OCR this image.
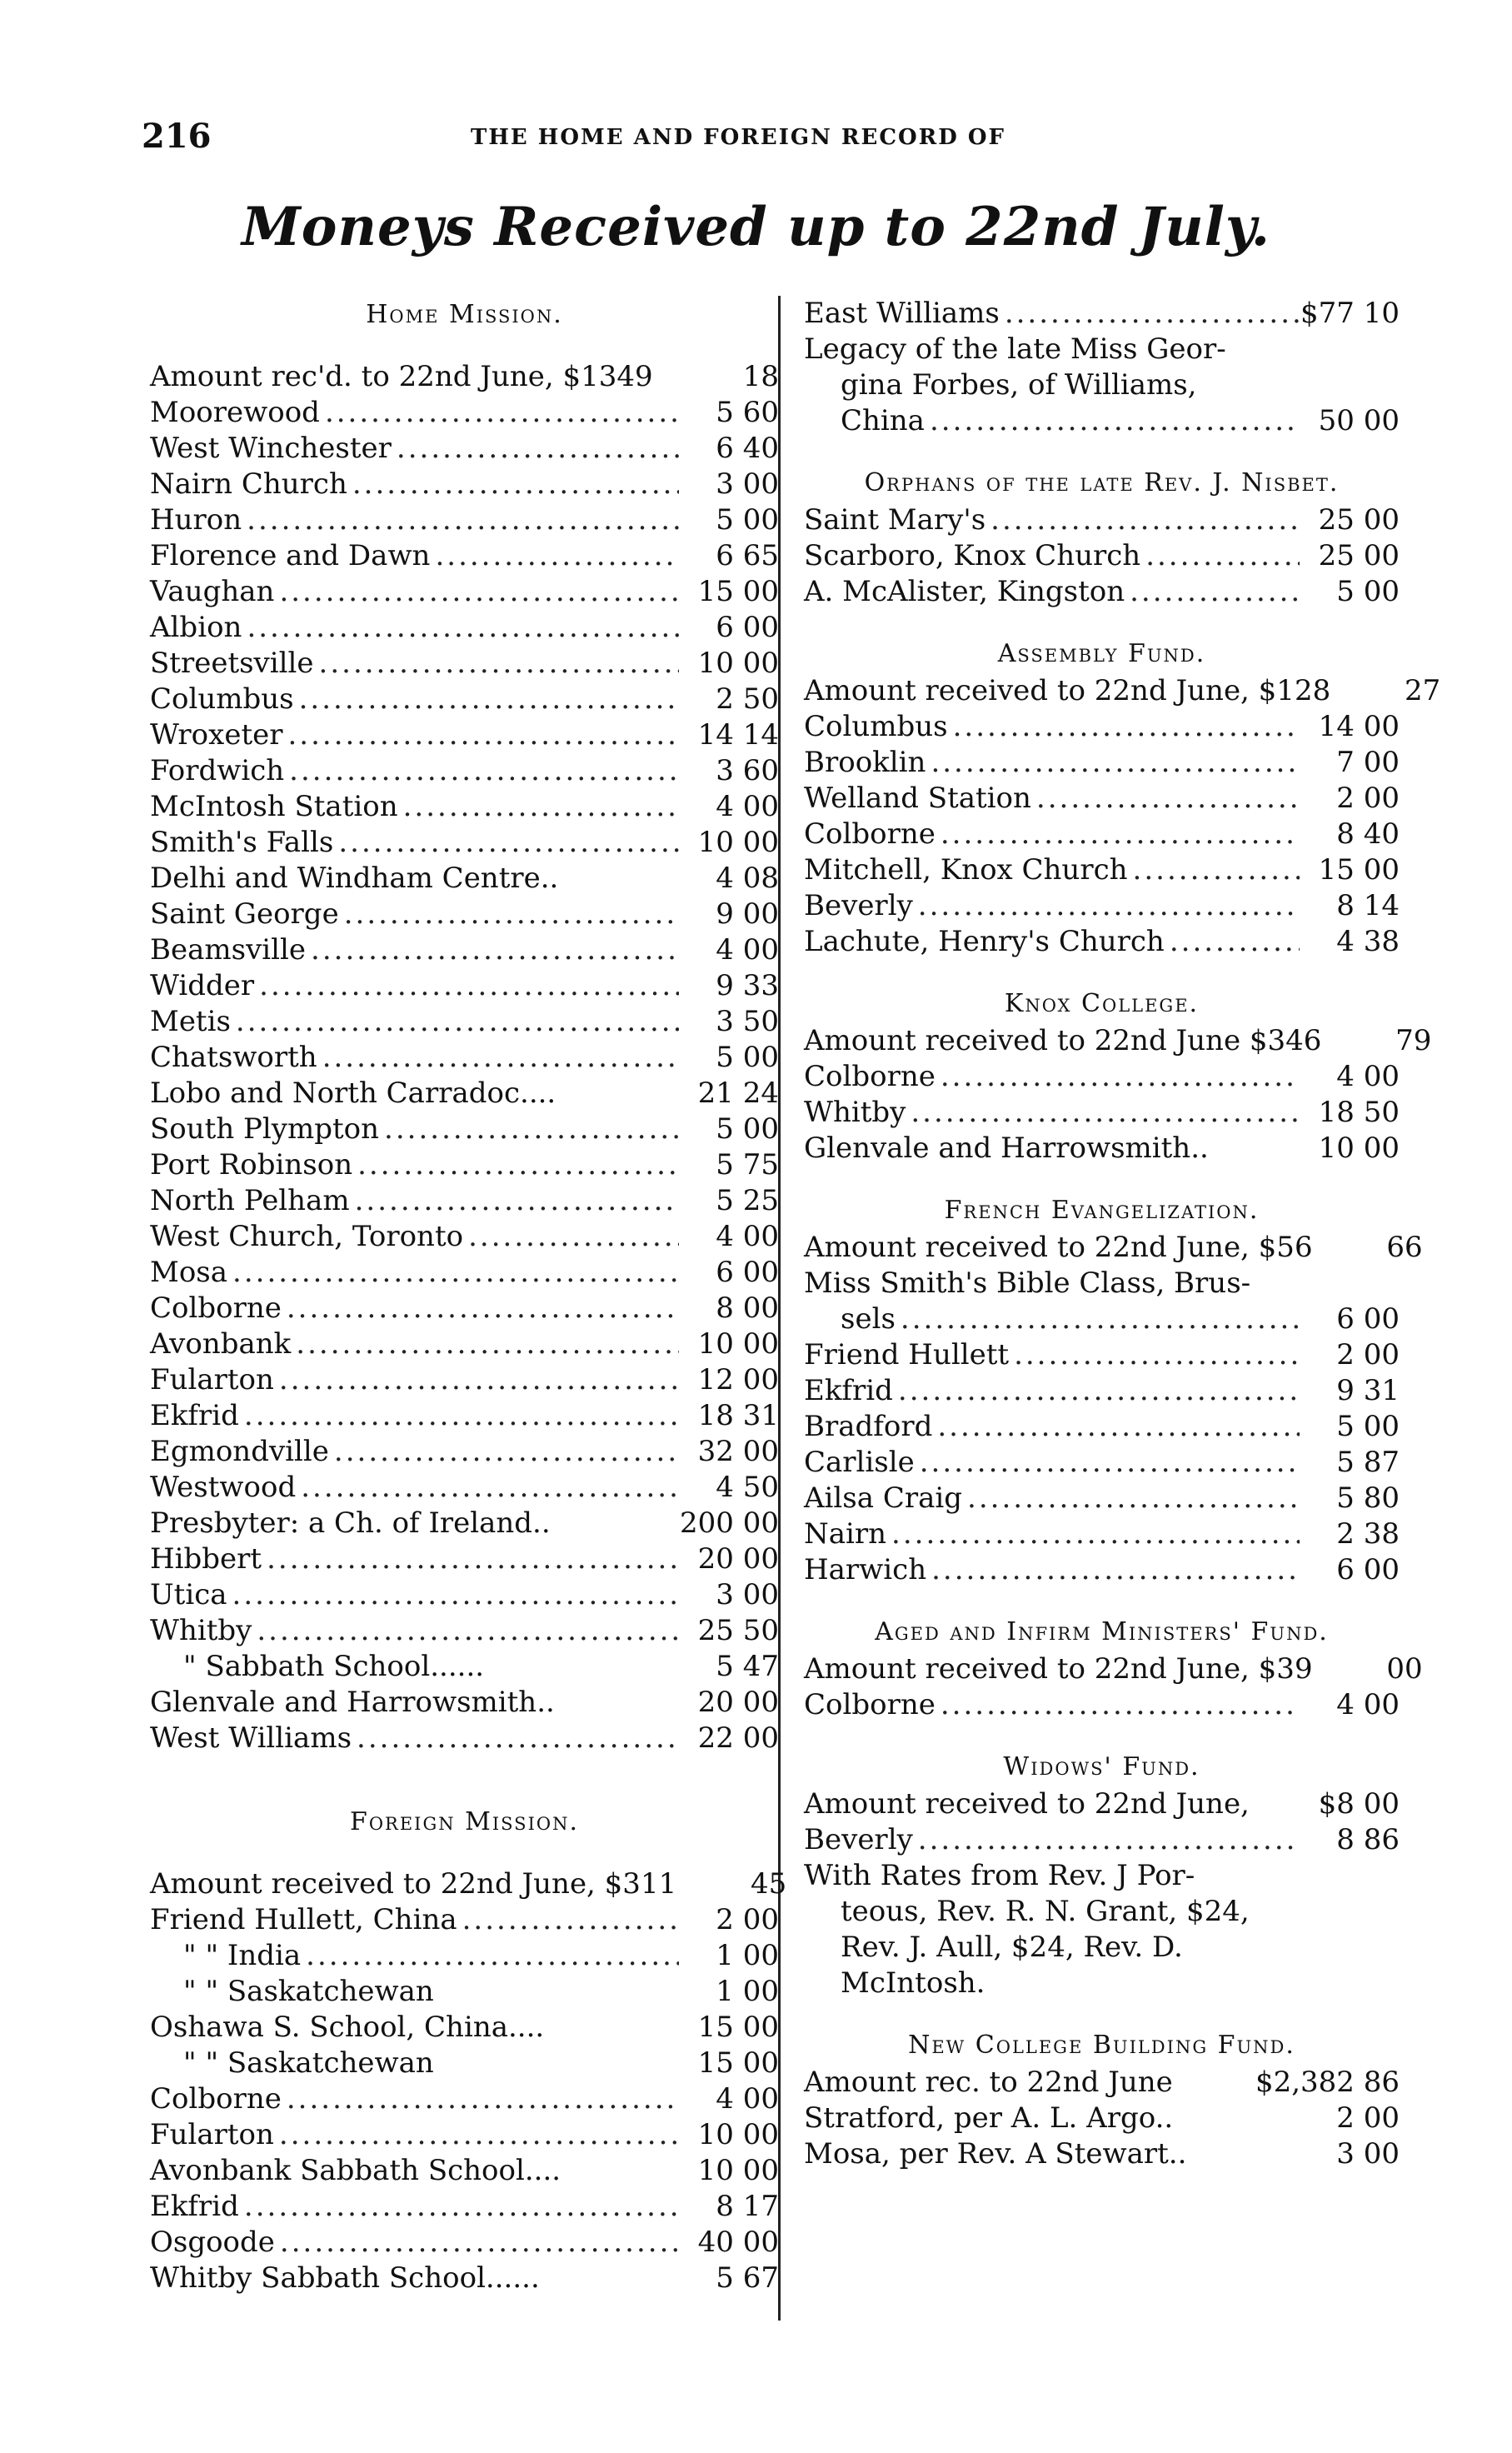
216	THE HOME AND FOREIGN RECORD OF
Moneys Received up to 22nd July.
Home Mission.
Amount rec'd. to 22nd June, $1349	18
Moorewood .....	5 60
West Winchester .....	6 40
Nairn Church .....	3 00
Huron .....	5 00
Florence and Dawn .....	6 65
Vaughan .....	15 00
Albion .....	6 00
Streetsville .....	10 00
Columbus .....	2 50
Wroxeter .....	14 14
Fordwich .....	3 60
McIntosh Station .....	4 00
Smith's Falls .....	10 00
Delhi and Windham Centre..	4 08
Saint George .....	9 00
Beamsville .....	4 00
Widder .....	9 33
Metis .....	3 50
Chatsworth .....	5 00
Lobo and North Carradoc....	21 24
South Plympton .....	5 00
Port Robinson .....	5 75
North Pelham .....	5 25
West Church, Toronto .....	4 00
Mosa .....	6 00
Colborne .....	8 00
Avonbank .....	10 00
Fularton .....	12 00
Ekfrid .....	18 31
Egmondville .....	32 00
Westwood .....	4 50
Presbyter: a Ch. of Ireland..	200 00
Hibbert .....	20 00
Utica .....	3 00
Whitby .....	25 50
" Sabbath School......	5 47
Glenvale and Harrowsmith..	20 00
West Williams .....	22 00
Foreign Mission.
Amount received to 22nd June, $311	45
Friend Hullett, China .....	2 00
" " India .....	1 00
" " Saskatchewan	1 00
Oshawa S. School, China....	15 00
" " Saskatchewan	15 00
Colborne .....	4 00
Fularton .....	10 00
Avonbank Sabbath School....	10 00
Ekfrid .....	8 17
Osgoode .....	40 00
Whitby Sabbath School......	5 67
East Williams .....	$77 10
Legacy of the late Miss Geor-
gina Forbes, of Williams,
China .....	50 00
Orphans of the late Rev. J. Nisbet.
Saint Mary's .....	25 00
Scarboro, Knox Church .....	25 00
A. McAlister, Kingston .....	5 00
Assembly Fund.
Amount received to 22nd June, $128	27
Columbus .....	14 00
Brooklin .....	7 00
Welland Station .....	2 00
Colborne .....	8 40
Mitchell, Knox Church .....	15 00
Beverly .....	8 14
Lachute, Henry's Church .....	4 38
Knox College.
Amount received to 22nd June $346	79
Colborne .....	4 00
Whitby .....	18 50
Glenvale and Harrowsmith..	10 00
French Evangelization.
Amount received to 22nd June, $56	66
Miss Smith's Bible Class, Brus-
sels .....	6 00
Friend Hullett .....	2 00
Ekfrid .....	9 31
Bradford .....	5 00
Carlisle .....	5 87
Ailsa Craig .....	5 80
Nairn .....	2 38
Harwich .....	6 00
Aged and Infirm Ministers' Fund.
Amount received to 22nd June, $39	00
Colborne .....	4 00
Widows' Fund.
Amount received to 22nd June,	$8 00
Beverly .....	8 86
With Rates from Rev. J Por-
teous, Rev. R. N. Grant, $24,
Rev. J. Aull, $24, Rev. D.
McIntosh.
New College Building Fund.
Amount rec. to 22nd June	$2,382 86
Stratford, per A. L. Argo..	2 00
Mosa, per Rev. A Stewart..	3 00
